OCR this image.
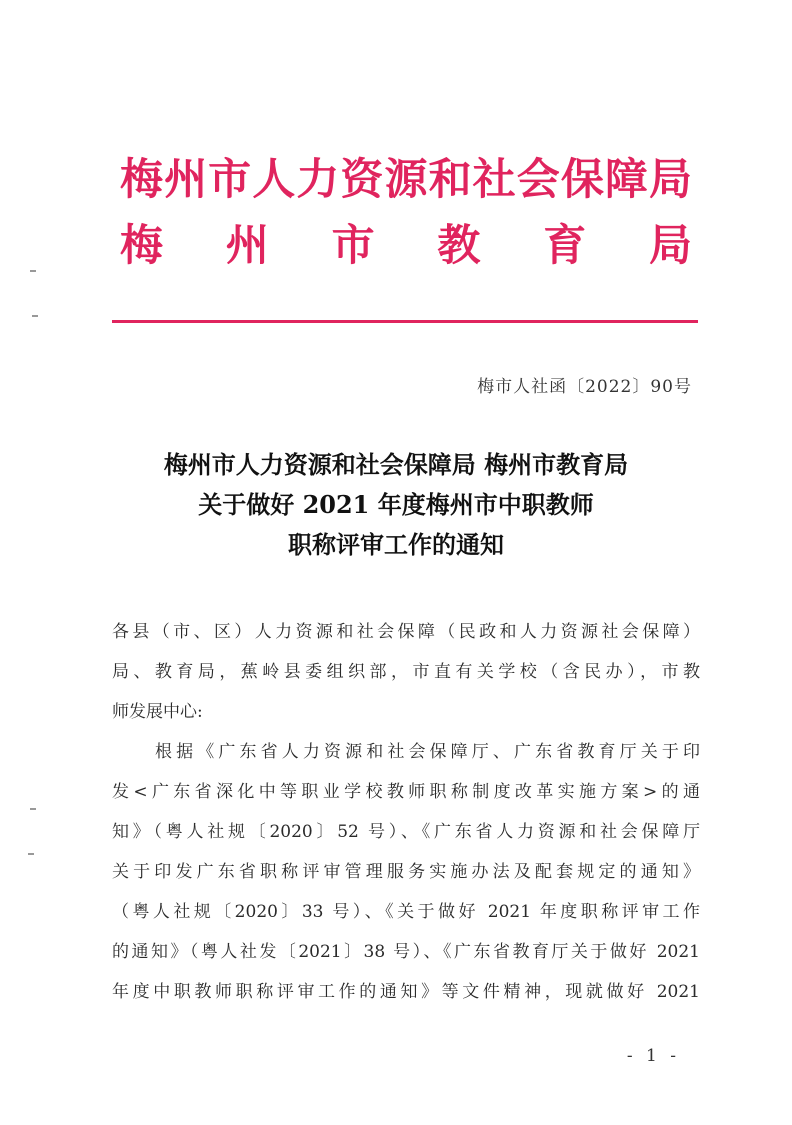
梅州市人力资源和社会保障局
梅州市教育局
梅市人社函〔2022〕90号
梅州市人力资源和社会保障局 梅州市教育局
关于做好 2021 年度梅州市中职教师
职称评审工作的通知
各县（市、区）人力资源和社会保障（民政和人力资源社会保障）
局、教育局，蕉岭县委组织部，市直有关学校（含民办），市教
师发展中心:
根据《广东省人力资源和社会保障厅、广东省教育厅关于印
发<广东省深化中等职业学校教师职称制度改革实施方案>的通
知》（粤人社规〔2020〕52 号）、《广东省人力资源和社会保障厅
关于印发广东省职称评审管理服务实施办法及配套规定的通知》
（粤人社规〔2020〕33 号）、《关于做好 2021 年度职称评审工作
的通知》（粤人社发〔2021〕38 号）、《广东省教育厅关于做好 2021
年度中职教师职称评审工作的通知》等文件精神，现就做好 2021
- 1 -
